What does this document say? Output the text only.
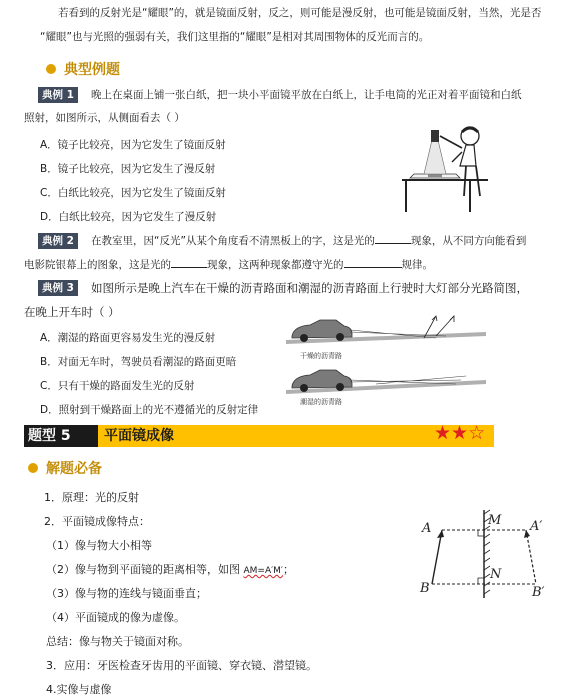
若看到的反射光是“耀眼”的，就是镜面反射，反之，则可能是漫反射，也可能是镜面反射，当然，光是否
“耀眼”也与光照的强弱有关，我们这里指的“耀眼”是相对其周围物体的反光而言的。
典型例题
典例 1	晚上在桌面上铺一张白纸，把一块小平面镜平放在白纸上，让手电筒的光正对着平面镜和白纸
照射，如图所示，从侧面看去（ ）
A．镜子比较亮，因为它发生了镜面反射
B．镜子比较亮，因为它发生了漫反射
C．白纸比较亮，因为它发生了镜面反射
D．白纸比较亮，因为它发生了漫反射
典例 2	在教室里，因“反光”从某个角度看不清黑板上的字，这是光的	现象，从不同方向能看到
电影院银幕上的图象，这是光的	现象，这两种现象都遵守光的	规律。
典例 3	如图所示是晚上汽车在干燥的沥青路面和潮湿的沥青路面上行驶时大灯部分光路简图，
在晚上开车时（ ）
A．潮湿的路面更容易发生光的漫反射
B．对面无车时，驾驶员看潮湿的路面更暗
C．只有干燥的路面发生光的反射
D．照射到干燥路面上的光不遵循光的反射定律
干燥的沥青路
潮湿的沥青路
题型 5	平面镜成像	★★☆
解题必备
1．原理：光的反射
2．平面镜成像特点：
（1）像与物大小相等
（2）像与物到平面镜的距离相等，如图 AM=A′M′；
（3）像与物的连线与镜面垂直；
（4）平面镜成的像为虚像。
总结：像与物关于镜面对称。
3．应用：牙医检查牙齿用的平面镜、穿衣镜、潜望镜。
4.实像与虚像
A
M A′
B
N
B′
